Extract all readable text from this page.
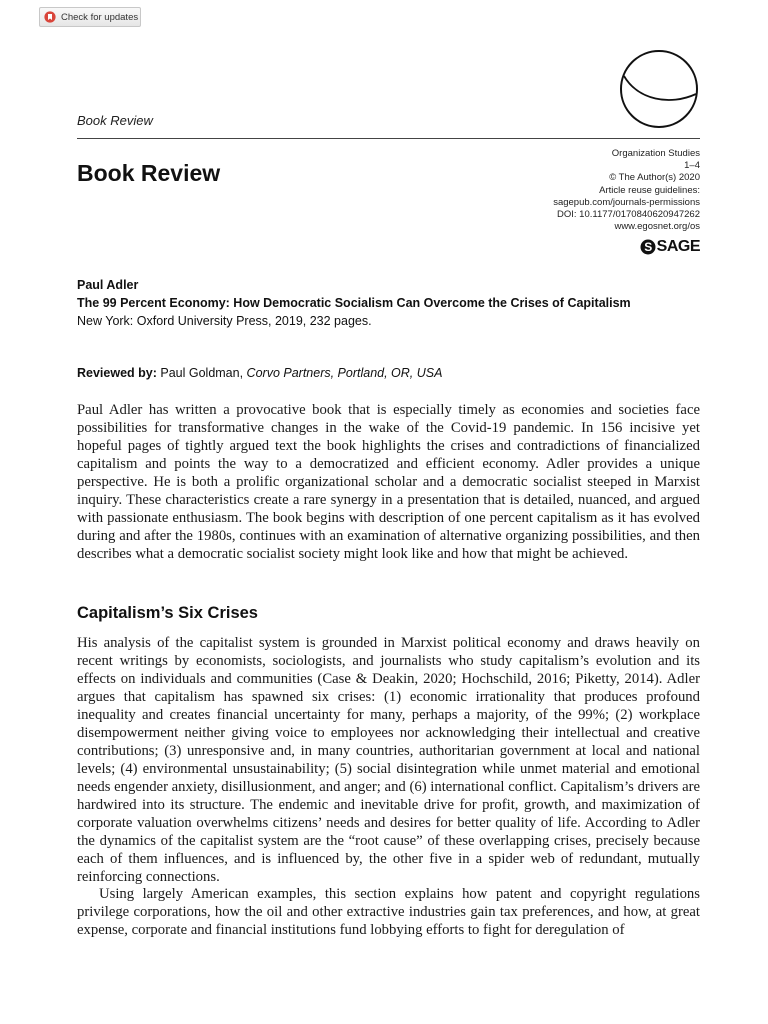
Check for updates
Book Review
Book Review
Organization Studies
1–4
© The Author(s) 2020
Article reuse guidelines:
sagepub.com/journals-permissions
DOI: 10.1177/0170840620947262
www.egosnet.org/os
S SAGE
Paul Adler
The 99 Percent Economy: How Democratic Socialism Can Overcome the Crises of Capitalism
New York: Oxford University Press, 2019, 232 pages.
Reviewed by: Paul Goldman, Corvo Partners, Portland, OR, USA

Paul Adler has written a provocative book that is especially timely as economies and societies face possibilities for transformative changes in the wake of the Covid-19 pandemic. In 156 incisive yet hopeful pages of tightly argued text the book highlights the crises and contradictions of financialized capitalism and points the way to a democratized and efficient economy. Adler provides a unique perspective. He is both a prolific organizational scholar and a democratic socialist steeped in Marxist inquiry. These characteristics create a rare synergy in a presentation that is detailed, nuanced, and argued with passionate enthusiasm. The book begins with description of one percent capitalism as it has evolved during and after the 1980s, continues with an examination of alternative organizing possibilities, and then describes what a democratic socialist society might look like and how that might be achieved.

Capitalism’s Six Crises

His analysis of the capitalist system is grounded in Marxist political economy and draws heavily on recent writings by economists, sociologists, and journalists who study capitalism’s evolution and its effects on individuals and communities (Case & Deakin, 2020; Hochschild, 2016; Piketty, 2014). Adler argues that capitalism has spawned six crises: (1) economic irrationality that produces profound inequality and creates financial uncertainty for many, perhaps a majority, of the 99%; (2) workplace disempowerment neither giving voice to employees nor acknowledging their intellectual and creative contributions; (3) unresponsive and, in many countries, authoritarian government at local and national levels; (4) environmental unsustainability; (5) social disintegration while unmet material and emotional needs engender anxiety, disillusionment, and anger; and (6) international conflict. Capitalism’s drivers are hardwired into its structure. The endemic and inevitable drive for profit, growth, and maximization of corporate valuation overwhelms citizens’ needs and desires for better quality of life. According to Adler the dynamics of the capitalist system are the “root cause” of these overlapping crises, precisely because each of them influences, and is influenced by, the other five in a spider web of redundant, mutually reinforcing connections.

Using largely American examples, this section explains how patent and copyright regulations privilege corporations, how the oil and other extractive industries gain tax preferences, and how, at great expense, corporate and financial institutions fund lobbying efforts to fight for deregulation of
